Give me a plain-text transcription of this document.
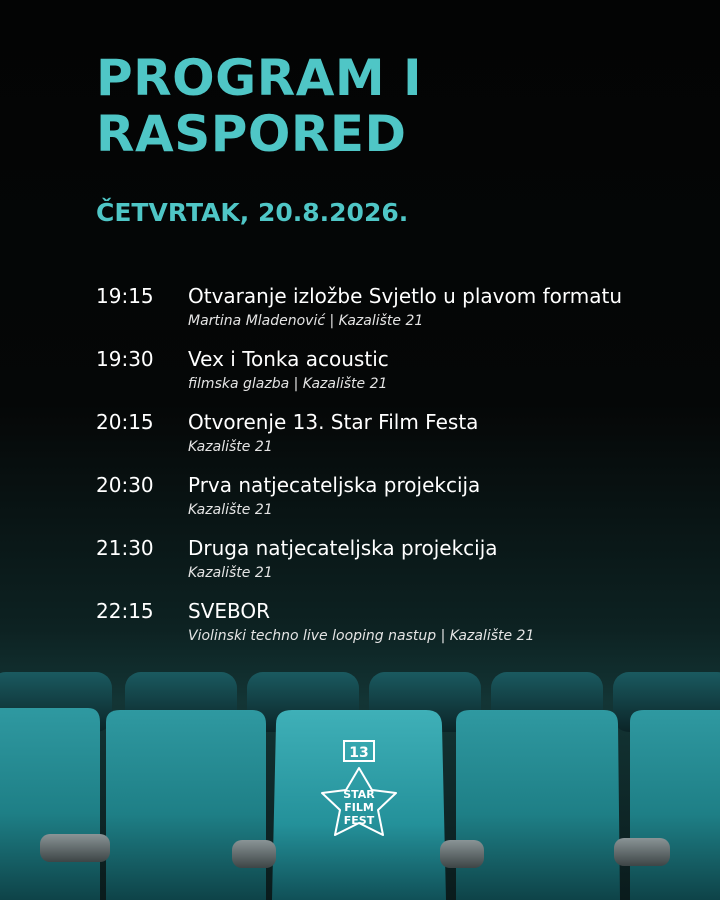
PROGRAM I
RASPORED
ČETVRTAK, 20.8.2026.
19:15	Otvaranje izložbe Svjetlo u plavom formatu
Martina Mladenović | Kazalište 21
19:30	Vex i Tonka acoustic
filmska glazba | Kazalište 21
20:15	Otvorenje 13. Star Film Festa
Kazalište 21
20:30	Prva natjecateljska projekcija
Kazalište 21
21:30	Druga natjecateljska projekcija
Kazalište 21
22:15	SVEBOR
Violinski techno live looping nastup | Kazalište 21
13
STAR
FILM
FEST
